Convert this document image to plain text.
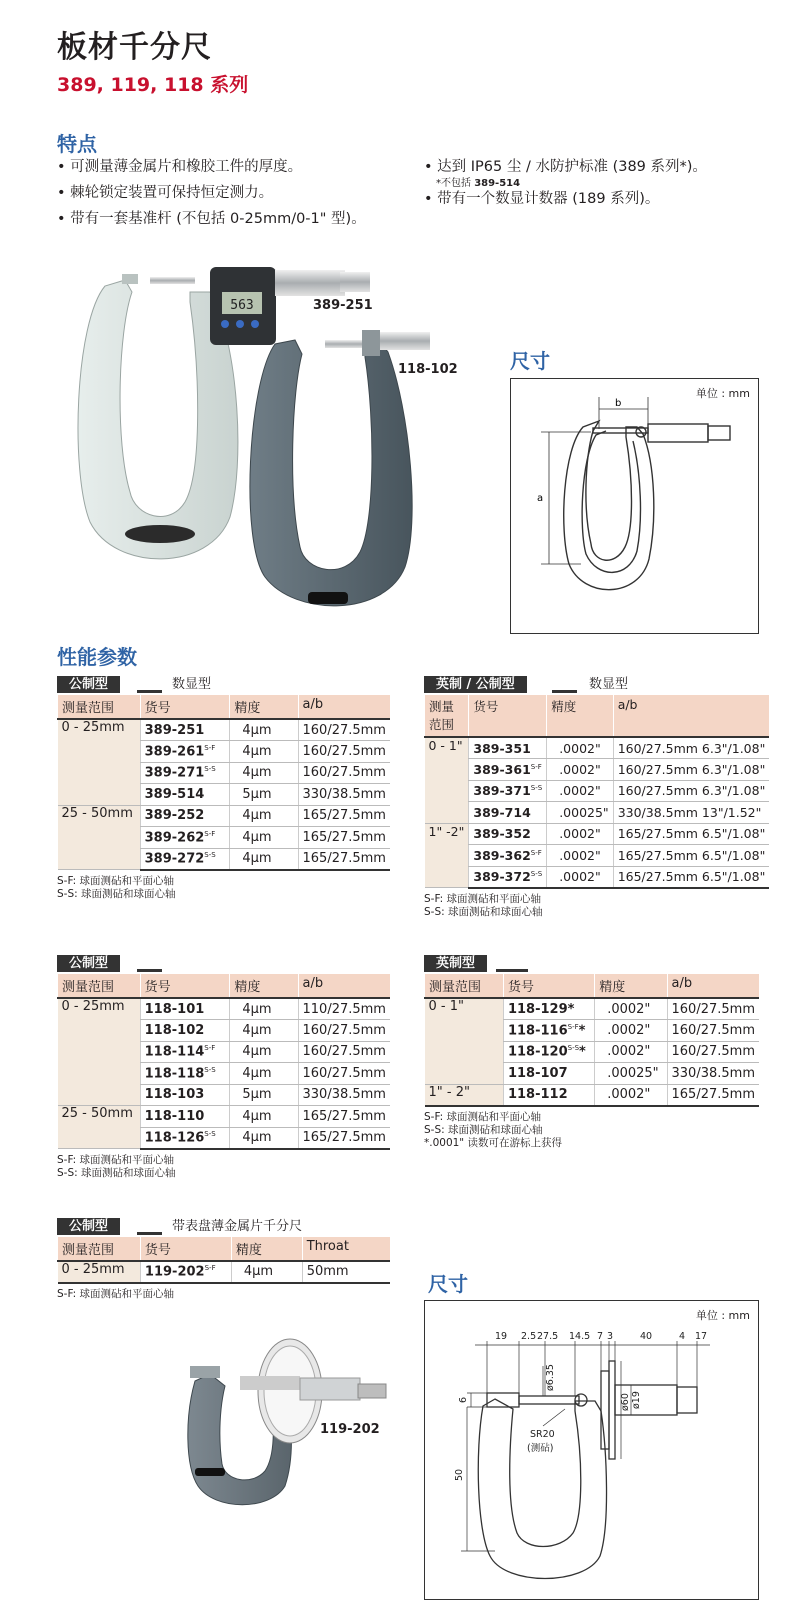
板材千分尺
389, 119, 118 系列
特点
• 可测量薄金属片和橡胶工件的厚度。
• 棘轮锁定装置可保持恒定测力。
• 带有一套基准杆 (不包括 0-25mm/0-1" 型)。
• 达到 IP65 尘 / 水防护标准 (389 系列*)。
*不包括 389-514
• 带有一个数显计数器 (189 系列)。
563	389-251
118-102	尺寸
单位 : mm
b
a
性能参数
公制型	数显型
测量范围	货号	精度	a/b
0 - 25mm	389-251	4μm	160/27.5mm
	$389-261^{S-F}$	4μm	160/27.5mm
	$389-271^{S-S}$	4μm	160/27.5mm
	389-514	5μm	330/38.5mm
25 - 50mm	389-252	4μm	165/27.5mm
	$389-262^{S-F}$	4μm	165/27.5mm
	$389-272^{S-S}$	4μm	165/27.5mm
S-F: 球面测砧和平面心轴
S-S: 球面测砧和球面心轴
英制 / 公制型	数显型
测量范围	货号	精度	a/b
0 - 1"	389-351	.0002"	160/27.5mm 6.3"/1.08"
	$389-361^{S-F}$	.0002"	160/27.5mm 6.3"/1.08"
	$389-371^{S-S}$	.0002"	160/27.5mm 6.3"/1.08"
	389-714	.00025"	330/38.5mm 13"/1.52"
1" -2"	389-352	.0002"	165/27.5mm 6.5"/1.08"
	$389-362^{S-F}$	.0002"	165/27.5mm 6.5"/1.08"
	$389-372^{S-S}$	.0002"	165/27.5mm 6.5"/1.08"
S-F: 球面测砧和平面心轴
S-S: 球面测砧和球面心轴
公制型
测量范围	货号	精度	a/b
0 - 25mm	118-101	4μm	110/27.5mm
	118-102	4μm	160/27.5mm
	$118-114^{S-F}$	4μm	160/27.5mm
	$118-118^{S-S}$	4μm	160/27.5mm
	118-103	5μm	330/38.5mm
25 - 50mm	118-110	4μm	165/27.5mm
	$118-126^{S-S}$	4μm	165/27.5mm
S-F: 球面测砧和平面心轴
S-S: 球面测砧和球面心轴
英制型
测量范围	货号	精度	a/b
0 - 1"	118-129*	.0002"	160/27.5mm
	$118-116^{S-F}*$	.0002"	160/27.5mm
	$118-120^{S-S}*$	.0002"	160/27.5mm
	118-107	.00025"	330/38.5mm
1" - 2"	118-112	.0002"	165/27.5mm
S-F: 球面测砧和平面心轴
S-S: 球面测砧和球面心轴
*.0001" 读数可在游标上获得
公制型	带表盘薄金属片千分尺
测量范围	货号	精度	Throat
0 - 25mm	$119-202^{S-F}$	4μm	50mm
S-F: 球面测砧和平面心轴
119-202
尺寸
单位 : mm
19 2.5 27.5 14.5 7 3	40	4 17
ø6.35
ø60 ø19
6
50
SR20
(测砧)
